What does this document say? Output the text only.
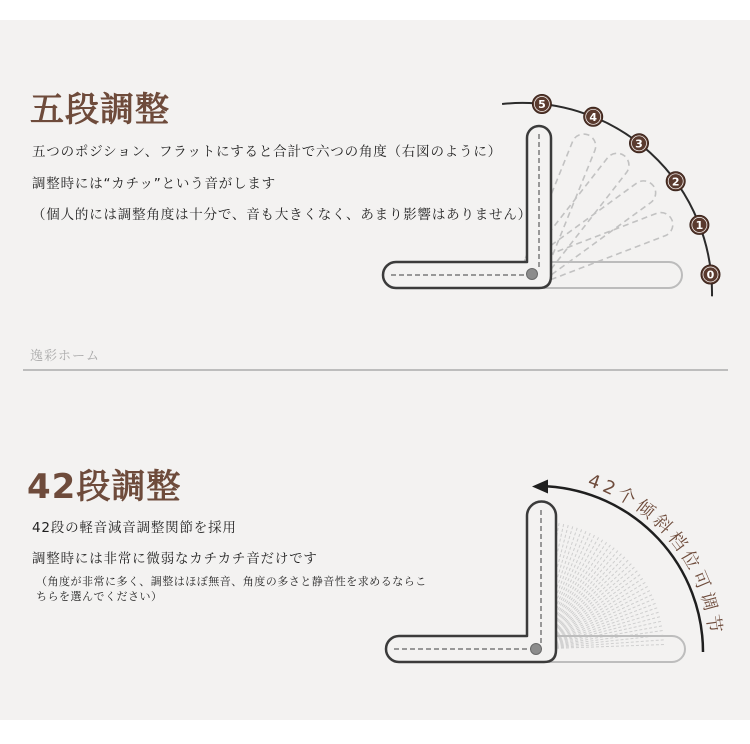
5
4
3
2
1
0
42个倾斜档位可调节
五段調整
五つのポジション、フラットにすると合計で六つの角度（右図のように）
調整時には“カチッ”という音がします
（個人的には調整角度は十分で、音も大きくなく、あまり影響はありません）
逸彩ホーム
42段調整
42段の軽音減音調整関節を採用
調整時には非常に微弱なカチカチ音だけです
（角度が非常に多く、調整はほぼ無音、角度の多さと静音性を求めるならこ
ちらを選んでください）
